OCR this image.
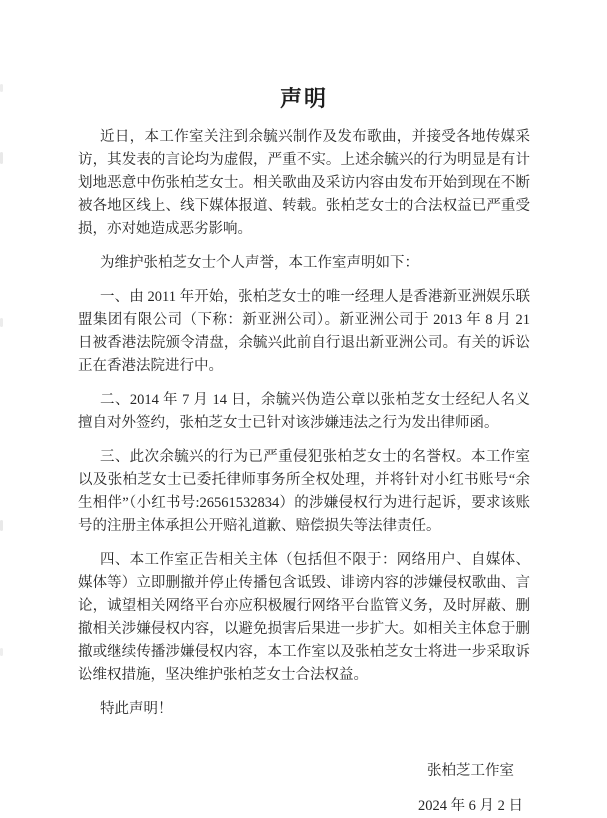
声明

近日，本工作室关注到余毓兴制作及发布歌曲，并接受各地传媒采访，其发表的言论均为虚假，严重不实。上述余毓兴的行为明显是有计划地恶意中伤张柏芝女士。相关歌曲及采访内容由发布开始到现在不断被各地区线上、线下媒体报道、转载。张柏芝女士的合法权益已严重受损，亦对她造成恶劣影响。

为维护张柏芝女士个人声誉，本工作室声明如下：

一、由 2011 年开始，张柏芝女士的唯一经理人是香港新亚洲娱乐联盟集团有限公司（下称：新亚洲公司）。新亚洲公司于 2013 年 8 月 21 日被香港法院颁令清盘，余毓兴此前自行退出新亚洲公司。有关的诉讼正在香港法院进行中。

二、2014 年 7 月 14 日，余毓兴伪造公章以张柏芝女士经纪人名义擅自对外签约，张柏芝女士已针对该涉嫌违法之行为发出律师函。

三、此次余毓兴的行为已严重侵犯张柏芝女士的名誉权。本工作室以及张柏芝女士已委托律师事务所全权处理，并将针对小红书账号“余生相伴”（小红书号:26561532834）的涉嫌侵权行为进行起诉，要求该账号的注册主体承担公开赔礼道歉、赔偿损失等法律责任。

四、本工作室正告相关主体（包括但不限于：网络用户、自媒体、媒体等）立即删撤并停止传播包含诋毁、诽谤内容的涉嫌侵权歌曲、言论，诚望相关网络平台亦应积极履行网络平台监管义务，及时屏蔽、删撤相关涉嫌侵权内容，以避免损害后果进一步扩大。如相关主体怠于删撤或继续传播涉嫌侵权内容，本工作室以及张柏芝女士将进一步采取诉讼维权措施，坚决维护张柏芝女士合法权益。

特此声明！

张柏芝工作室

2024 年 6 月 2 日
